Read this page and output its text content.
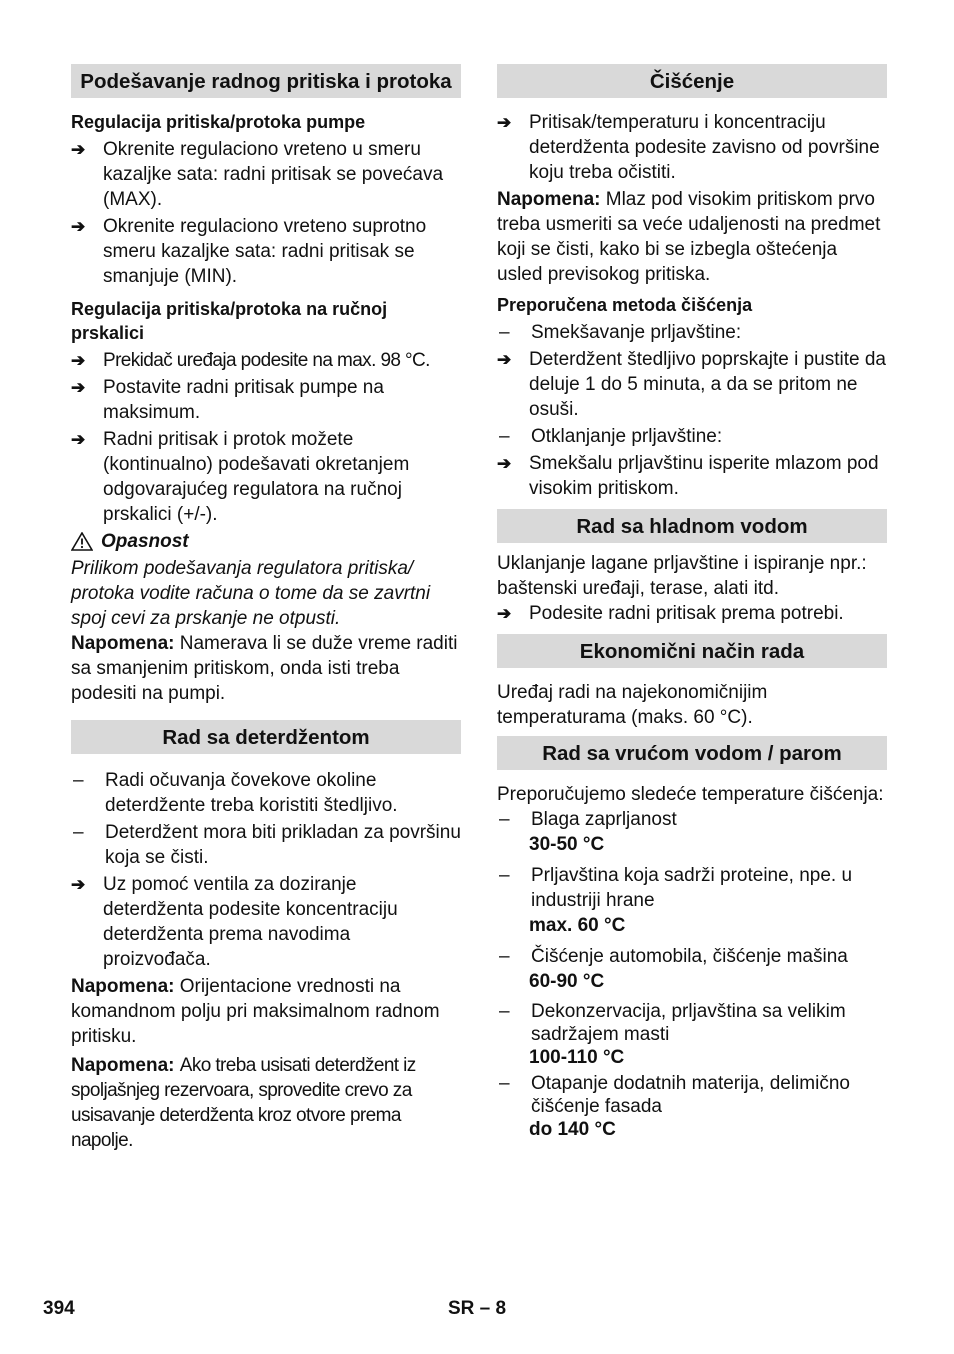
Podešavanje radnog pritiska i protoka
Regulacija pritiska/protoka pumpe
➔ Okrenite regulaciono vreteno u smeru kazaljke sata: radni pritisak se povećava (MAX).
➔ Okrenite regulaciono vreteno suprotno smeru kazaljke sata: radni pritisak se smanjuje (MIN).
Regulacija pritiska/protoka na ručnoj prskalici
➔ Prekidač uređaja podesite na max. 98 °C.
➔ Postavite radni pritisak pumpe na maksimum.
➔ Radni pritisak i protok možete (kontinualno) podešavati okretanjem odgovarajućeg regulatora na ručnoj prskalici (+/-).
Opasnost
Prilikom podešavanja regulatora pritiska/ protoka vodite računa o tome da se zavrtni spoj cevi za prskanje ne otpusti.
Napomena: Namerava li se duže vreme raditi sa smanjenim pritiskom, onda isti treba podesiti na pumpi.
Rad sa deterdžentom
–	Radi očuvanja čovekove okoline deterdžente treba koristiti štedljivo.
–	Deterdžent mora biti prikladan za površinu koja se čisti.
➔ Uz pomoć ventila za doziranje deterdženta podesite koncentraciju deterdženta prema navodima proizvođača.
Napomena: Orijentacione vrednosti na komandnom polju pri maksimalnom radnom pritisku.
Napomena: Ako treba usisati deterdžent iz spoljašnjeg rezervoara, sprovedite crevo za usisavanje deterdženta kroz otvore prema napolje.
Čišćenje
➔ Pritisak/temperaturu i koncentraciju deterdženta podesite zavisno od površine koju treba očistiti.
Napomena: Mlaz pod visokim pritiskom prvo treba usmeriti sa veće udaljenosti na predmet koji se čisti, kako bi se izbegla oštećenja usled previsokog pritiska.
Preporučena metoda čišćenja
–	Smekšavanje prljavštine:
➔ Deterdžent štedljivo poprskajte i pustite da deluje 1 do 5 minuta, a da se pritom ne osuši.
–	Otklanjanje prljavštine:
➔ Smekšalu prljavštinu isperite mlazom pod visokim pritiskom.
Rad sa hladnom vodom
Uklanjanje lagane prljavštine i ispiranje npr.: baštenski uređaji, terase, alati itd.
➔ Podesite radni pritisak prema potrebi.
Ekonomični način rada
Uređaj radi na najekonomičnijim temperaturama (maks. 60 °C).
Rad sa vrućom vodom / parom
Preporučujemo sledeće temperature čišćenja:
–	Blaga zaprljanost
30-50 °C
–	Prljavština koja sadrži proteine, npe. u industriji hrane
max. 60 °C
–	Čišćenje automobila, čišćenje mašina
60-90 °C
–	Dekonzervacija, prljavština sa velikim sadržajem masti
100-110 °C
–	Otapanje dodatnih materija, delimično čišćenje fasada
do 140 °C
394	SR – 8
